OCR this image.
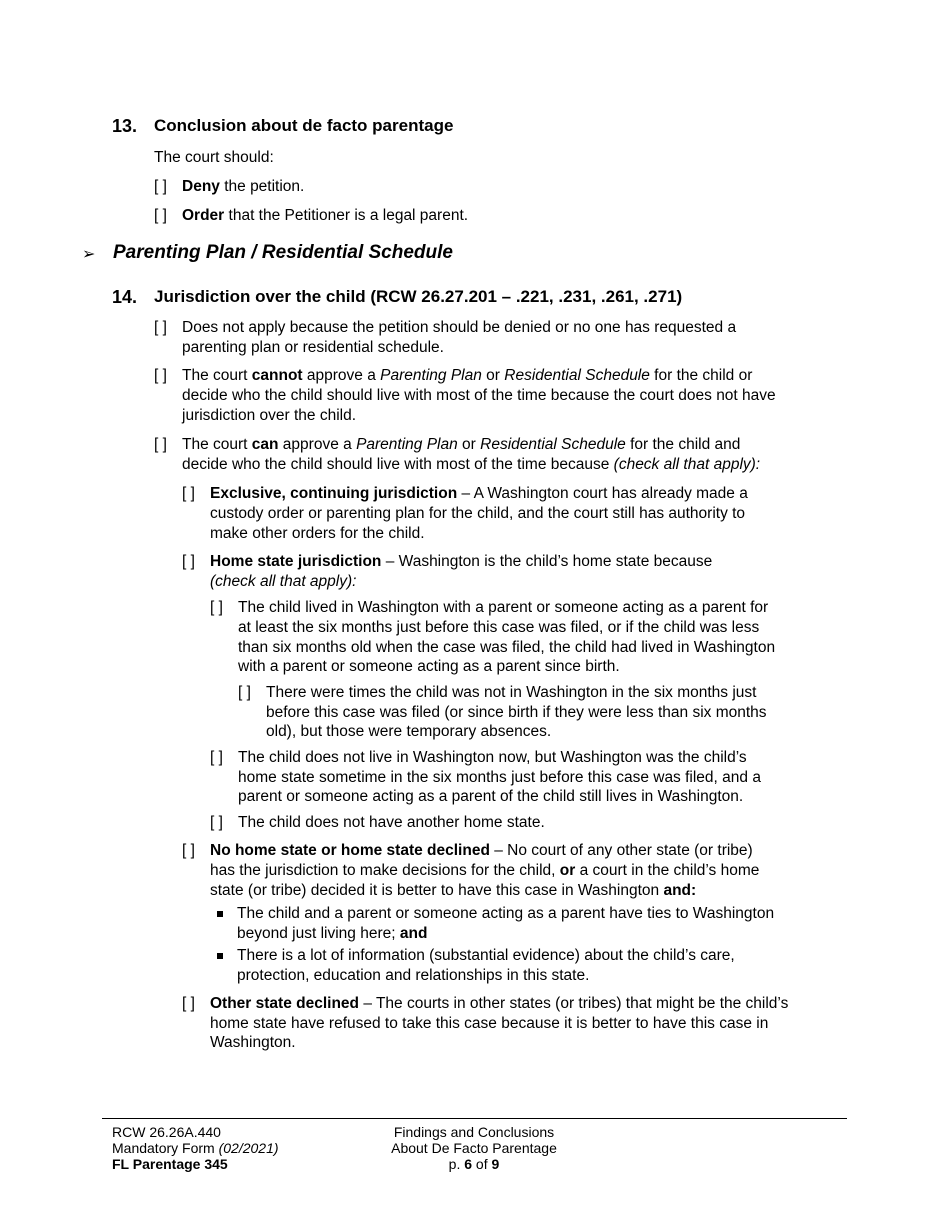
13. Conclusion about de facto parentage
The court should:
[ ] Deny the petition.
[ ] Order that the Petitioner is a legal parent.
➢ Parenting Plan / Residential Schedule
14. Jurisdiction over the child (RCW 26.27.201 – .221, .231, .261, .271)
[ ] Does not apply because the petition should be denied or no one has requested a
parenting plan or residential schedule.
[ ] The court cannot approve a Parenting Plan or Residential Schedule for the child or
decide who the child should live with most of the time because the court does not have
jurisdiction over the child.
[ ] The court can approve a Parenting Plan or Residential Schedule for the child and
decide who the child should live with most of the time because (check all that apply):
[ ] Exclusive, continuing jurisdiction – A Washington court has already made a
custody order or parenting plan for the child, and the court still has authority to
make other orders for the child.
[ ] Home state jurisdiction – Washington is the child’s home state because
(check all that apply):
[ ] The child lived in Washington with a parent or someone acting as a parent for
at least the six months just before this case was filed, or if the child was less
than six months old when the case was filed, the child had lived in Washington
with a parent or someone acting as a parent since birth.
[ ] There were times the child was not in Washington in the six months just
before this case was filed (or since birth if they were less than six months
old), but those were temporary absences.
[ ] The child does not live in Washington now, but Washington was the child’s
home state sometime in the six months just before this case was filed, and a
parent or someone acting as a parent of the child still lives in Washington.
[ ] The child does not have another home state.
[ ] No home state or home state declined – No court of any other state (or tribe)
has the jurisdiction to make decisions for the child, or a court in the child’s home
state (or tribe) decided it is better to have this case in Washington and:
The child and a parent or someone acting as a parent have ties to Washington
beyond just living here; and
There is a lot of information (substantial evidence) about the child’s care,
protection, education and relationships in this state.
[ ] Other state declined – The courts in other states (or tribes) that might be the child’s
home state have refused to take this case because it is better to have this case in
Washington.
RCW 26.26A.440
Mandatory Form (02/2021)
FL Parentage 345
Findings and Conclusions
About De Facto Parentage
p. 6 of 9
